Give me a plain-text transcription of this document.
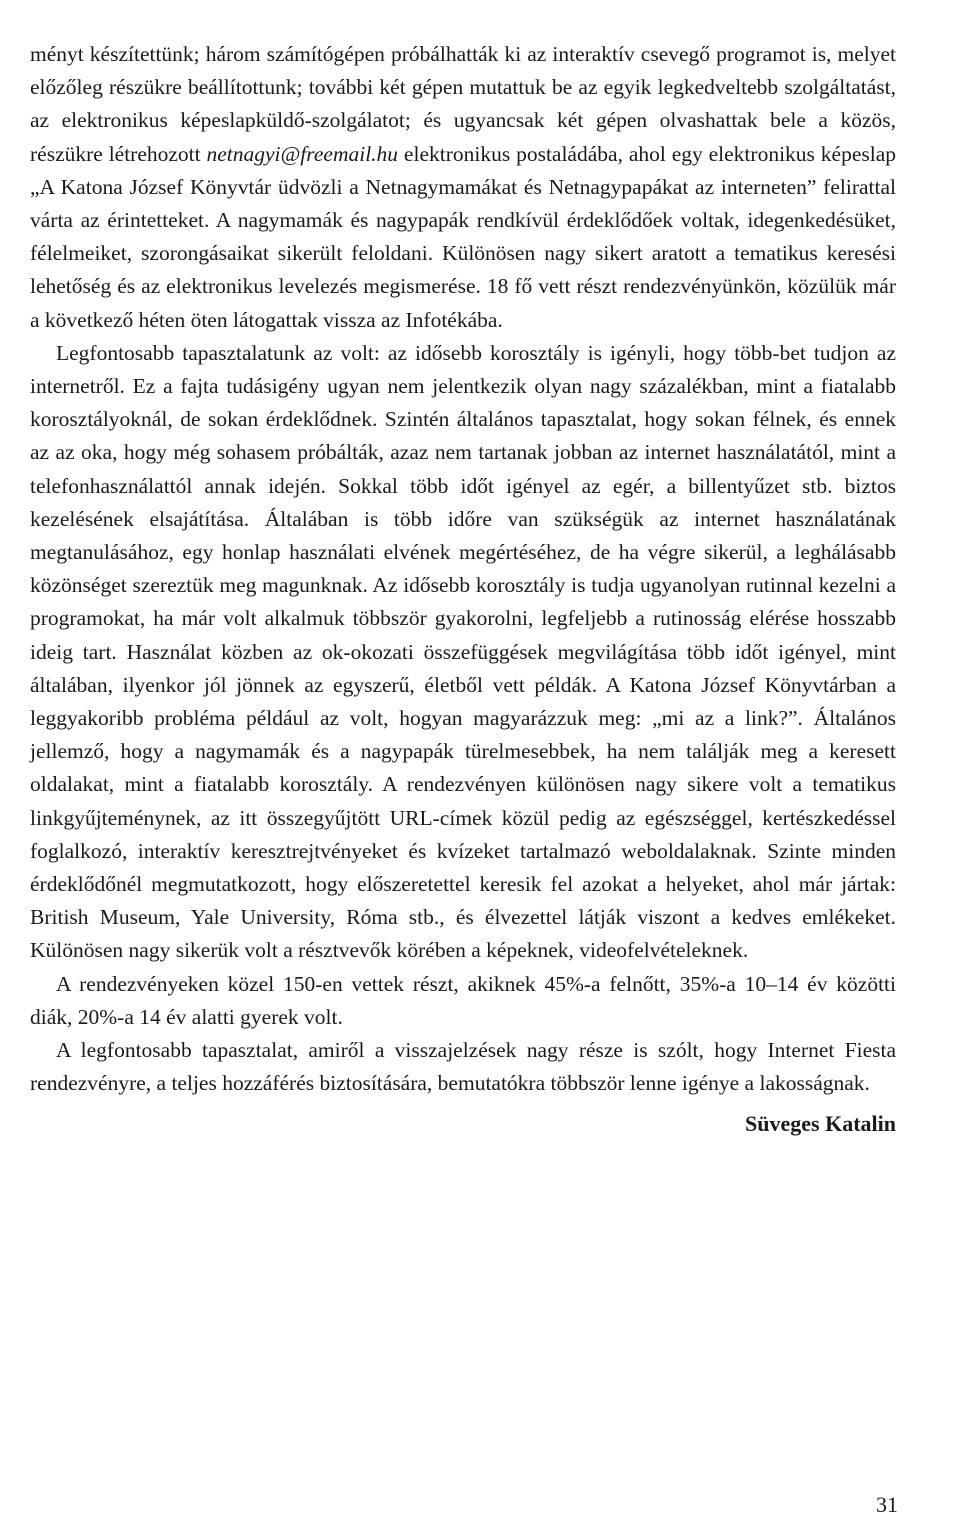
ményt készítettünk; három számítógépen próbálhatták ki az interaktív csevegő programot is, melyet előzőleg részükre beállítottunk; további két gépen mutattuk be az egyik legkedveltebb szolgáltatást, az elektronikus képeslapküldő-szolgálatot; és ugyancsak két gépen olvashattak bele a közös, részükre létrehozott netnagyi@freemail.hu elektronikus postaládába, ahol egy elektronikus képeslap „A Katona József Könyvtár üdvözli a Netnagymamákat és Netnagypapákat az interneten” felirattal várta az érintetteket. A nagymamák és nagypapák rendkívül érdeklődőek voltak, idegenkedésüket, félelmeiket, szorongásaikat sikerült feloldani. Különösen nagy sikert aratott a tematikus keresési lehetőség és az elektronikus levelezés megismerése. 18 fő vett részt rendezvényünkön, közülük már a következő héten öten látogattak vissza az Infotékába.

Legfontosabb tapasztalatunk az volt: az idősebb korosztály is igényli, hogy több-bet tudjon az internetről. Ez a fajta tudásigény ugyan nem jelentkezik olyan nagy százalékban, mint a fiatalabb korosztályoknál, de sokan érdeklődnek. Szintén általános tapasztalat, hogy sokan félnek, és ennek az az oka, hogy még sohasem próbálták, azaz nem tartanak jobban az internet használatától, mint a telefonhasználattól annak idején. Sokkal több időt igényel az egér, a billentyűzet stb. biztos kezelésének elsajátítása. Általában is több időre van szükségük az internet használatának megtanulásához, egy honlap használati elvének megértéséhez, de ha végre sikerül, a leghálásabb közönséget szereztük meg magunknak. Az idősebb korosztály is tudja ugyanolyan rutinnal kezelni a programokat, ha már volt alkalmuk többször gyakorolni, legfeljebb a rutinosság elérése hosszabb ideig tart. Használat közben az ok-okozati összefüggések megvilágítása több időt igényel, mint általában, ilyenkor jól jönnek az egyszerű, életből vett példák. A Katona József Könyvtárban a leggyakoribb probléma például az volt, hogyan magyarázzuk meg: „mi az a link?”. Általános jellemző, hogy a nagymamák és a nagypapák türelmesebbek, ha nem találják meg a keresett oldalakat, mint a fiatalabb korosztály. A rendezvényen különösen nagy sikere volt a tematikus linkgyűjteménynek, az itt összegyűjtött URL-címek közül pedig az egészséggel, kertészkedéssel foglalkozó, interaktív keresztrejtvényeket és kvízeket tartalmazó weboldalaknak. Szinte minden érdeklődőnél megmutatkozott, hogy előszeretettel keresik fel azokat a helyeket, ahol már jártak: British Museum, Yale University, Róma stb., és élvezettel látják viszont a kedves emlékeket. Különösen nagy sikerük volt a résztvevők körében a képeknek, videofelvételeknek.

A rendezvényeken közel 150-en vettek részt, akiknek 45%-a felnőtt, 35%-a 10–14 év közötti diák, 20%-a 14 év alatti gyerek volt.

A legfontosabb tapasztalat, amiről a visszajelzések nagy része is szólt, hogy Internet Fiesta rendezvényre, a teljes hozzáférés biztosítására, bemutatókra többször lenne igénye a lakosságnak.

Süveges Katalin

31
